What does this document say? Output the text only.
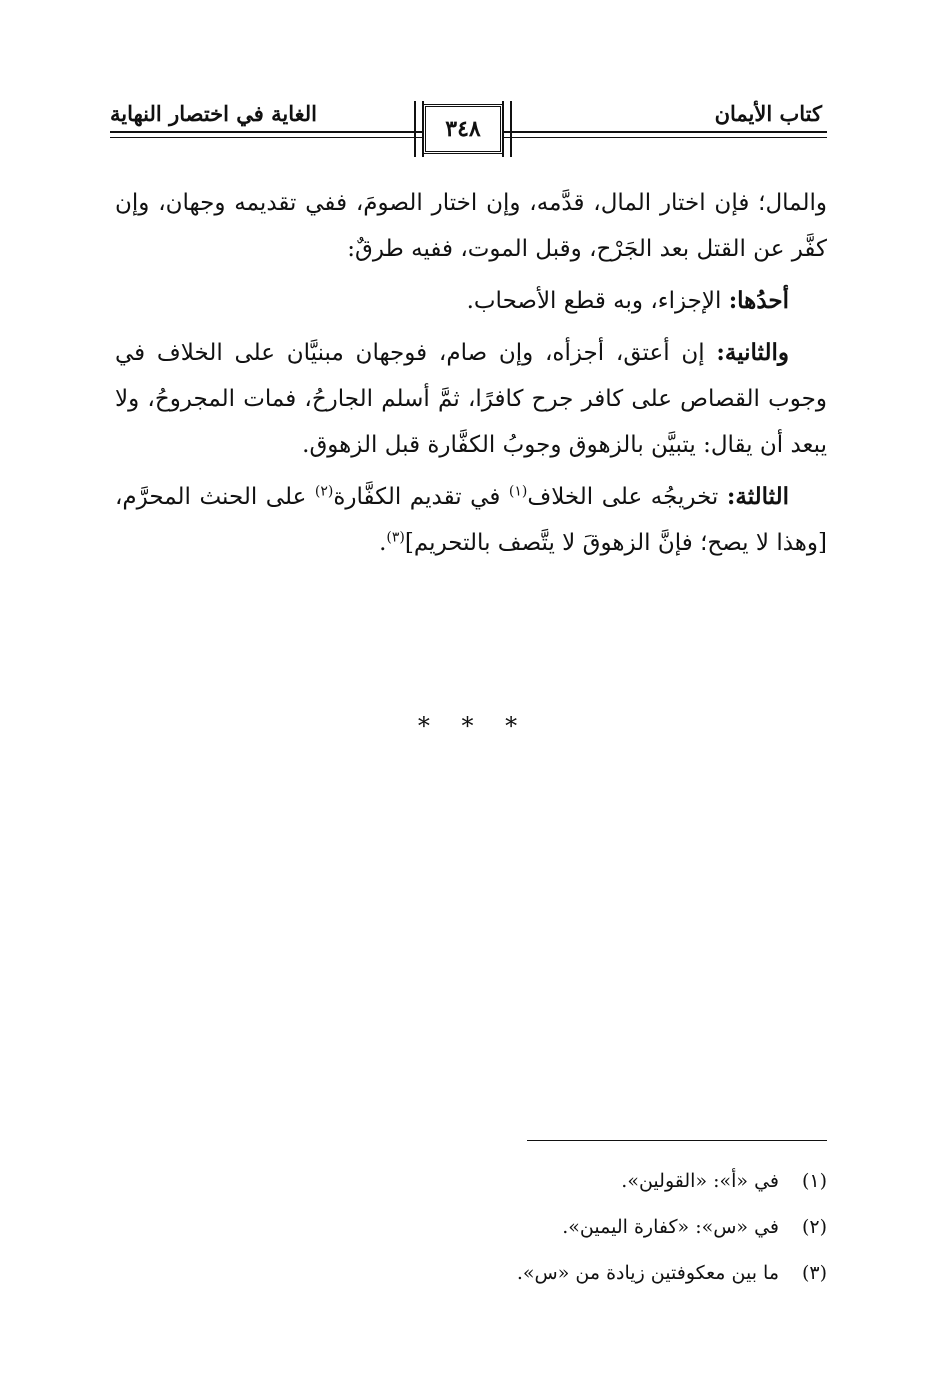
كتاب الأيمان
الغاية في اختصار النهاية
٣٤٨

والمال؛ فإن اختار المال، قدَّمه، وإن اختار الصومَ، ففي تقديمه وجهان، وإن كفَّر عن القتل بعد الجَرْح، وقبل الموت، ففيه طرقٌ:

أحدُها: الإجزاء، وبه قطع الأصحاب.

والثانية: إن أعتق، أجزأه، وإن صام، فوجهان مبنيَّان على الخلاف في وجوب القصاص على كافر جرح كافرًا، ثمَّ أسلم الجارحُ، فمات المجروحُ، ولا يبعد أن يقال: يتبيَّن بالزهوق وجوبُ الكفَّارة قبل الزهوق.

الثالثة: تخريجُه على الخلاف$^{(١)}$ في تقديم الكفَّارة$^{(٢)}$ على الحنث المحرَّم، [وهذا لا يصح؛ فإنَّ الزهوقَ لا يتَّصف بالتحريم]$^{(٣)}$.

* * *
(١)
في «أ»: «القولين».
(٢)
في «س»: «كفارة اليمين».
(٣)
ما بين معكوفتين زيادة من «س».
